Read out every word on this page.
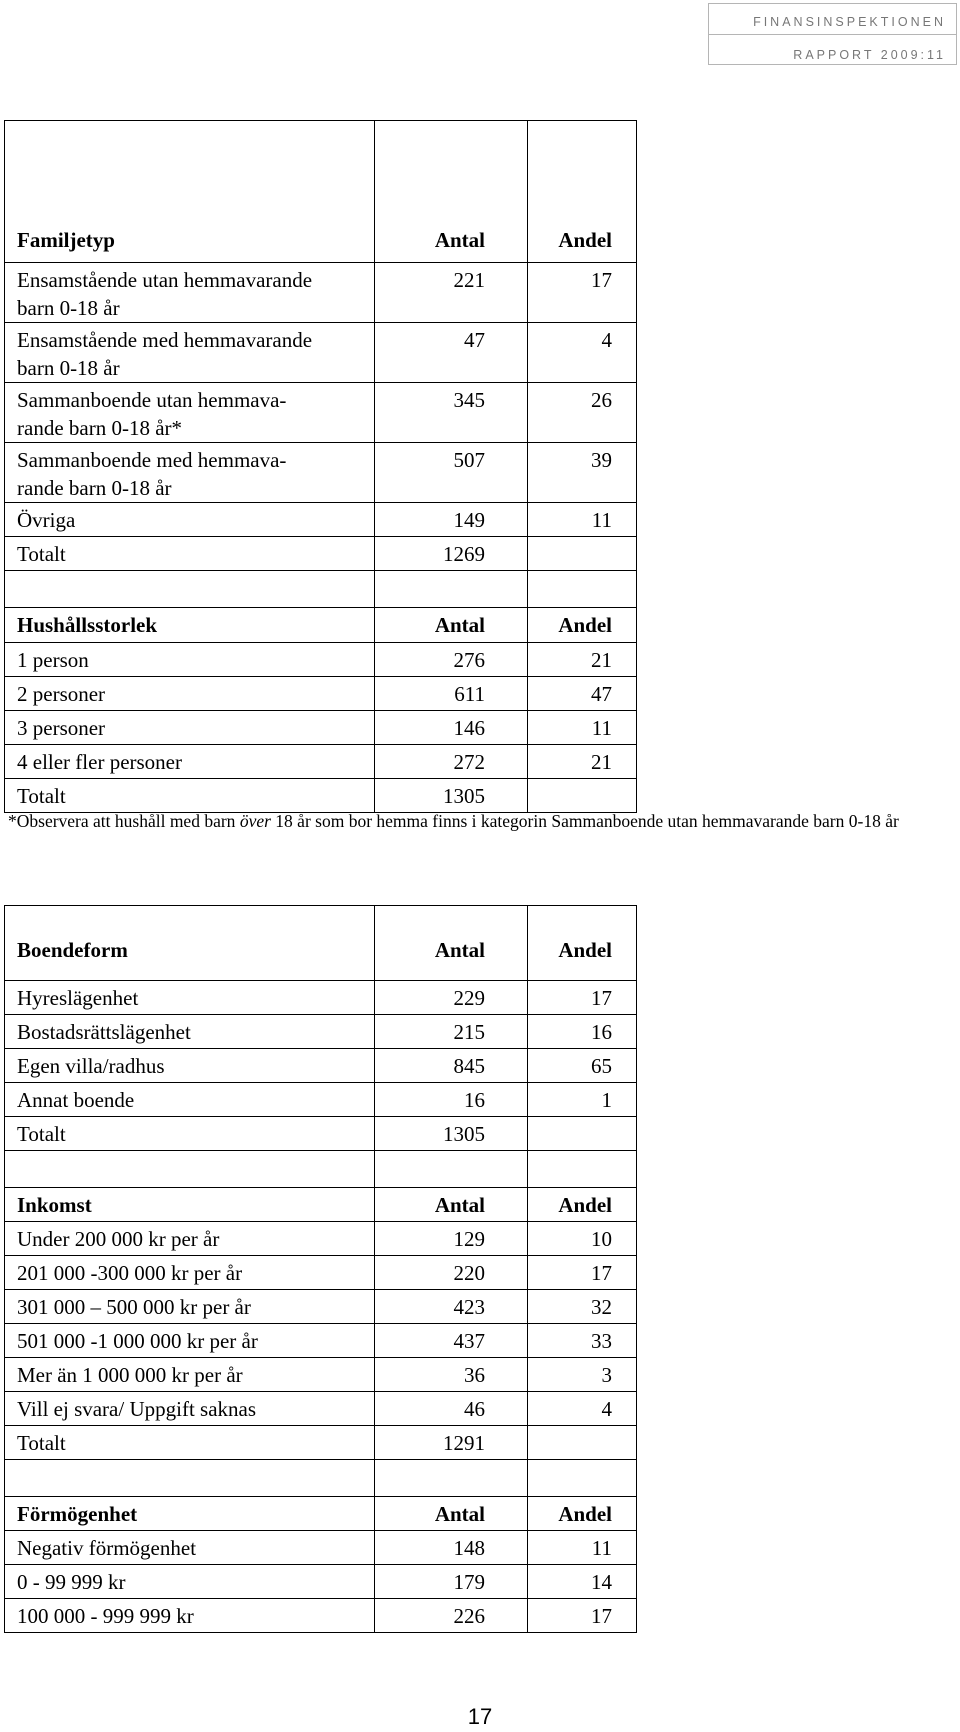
FINANSINSPEKTIONEN
RAPPORT 2009:11
Familjetyp	Antal	Andel
Ensamstående utan hemmavarande
barn 0-18 år	221	17
Ensamstående med hemmavarande
barn 0-18 år	47	4
Sammanboende utan hemmava-
rande barn 0-18 år*	345	26
Sammanboende med hemmava-
rande barn 0-18 år	507	39
Övriga	149	11
Totalt	1269	

Hushållsstorlek	Antal	Andel
1 person	276	21
2 personer	611	47
3 personer	146	11
4 eller fler personer	272	21
Totalt	1305	
*Observera att hushåll med barn över 18 år som bor hemma finns i kategorin Sammanboende utan hemmavarande barn 0-18 år
Boendeform	Antal	Andel
Hyreslägenhet	229	17
Bostadsrättslägenhet	215	16
Egen villa/radhus	845	65
Annat boende	16	1
Totalt	1305	

Inkomst	Antal	Andel
Under 200 000 kr per år	129	10
201 000 -300 000 kr per år	220	17
301 000 – 500 000 kr per år	423	32
501 000 -1 000 000 kr per år	437	33
Mer än 1 000 000 kr per år	36	3
Vill ej svara/ Uppgift saknas	46	4
Totalt	1291	

Förmögenhet	Antal	Andel
Negativ förmögenhet	148	11
0 - 99 999 kr	179	14
100 000 - 999 999 kr	226	17
17
